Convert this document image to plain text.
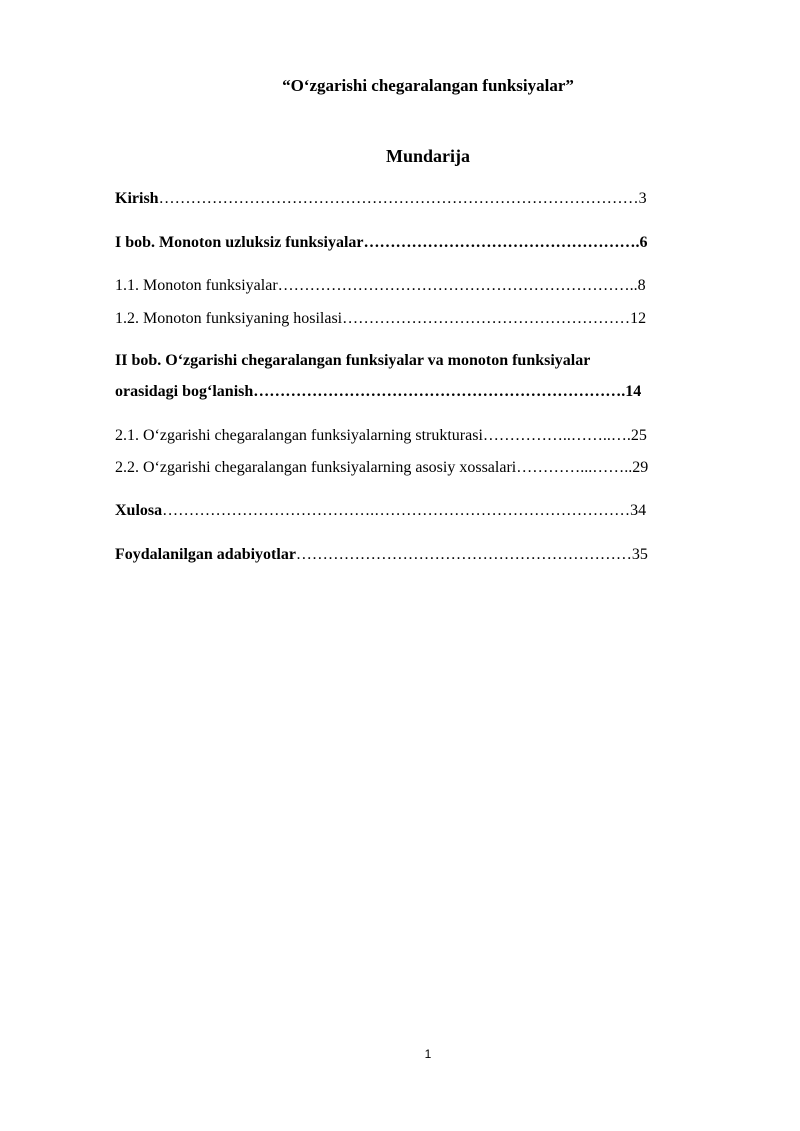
“O‘zgarishi chegaralangan funksiyalar”
Mundarija
Kirish………………………………………………………………………………3
I bob. Monoton uzluksiz funksiyalar…………………………………………….6
1.1. Monoton funksiyalar…………………………………………………………..8
1.2. Monoton funksiyaning hosilasi………………………………………………12
II bob. O‘zgarishi chegaralangan funksiyalar va monoton funksiyalar
orasidagi bog‘lanish…………………………………………………………….14
2.1. O‘zgarishi chegaralangan funksiyalarning strukturasi……………..……..….25
2.2. O‘zgarishi chegaralangan funksiyalarning asosiy xossalari…………...……..29
Xulosa………………………………….…………………………………………34
Foydalanilgan adabiyotlar………………………………………………………35
1
